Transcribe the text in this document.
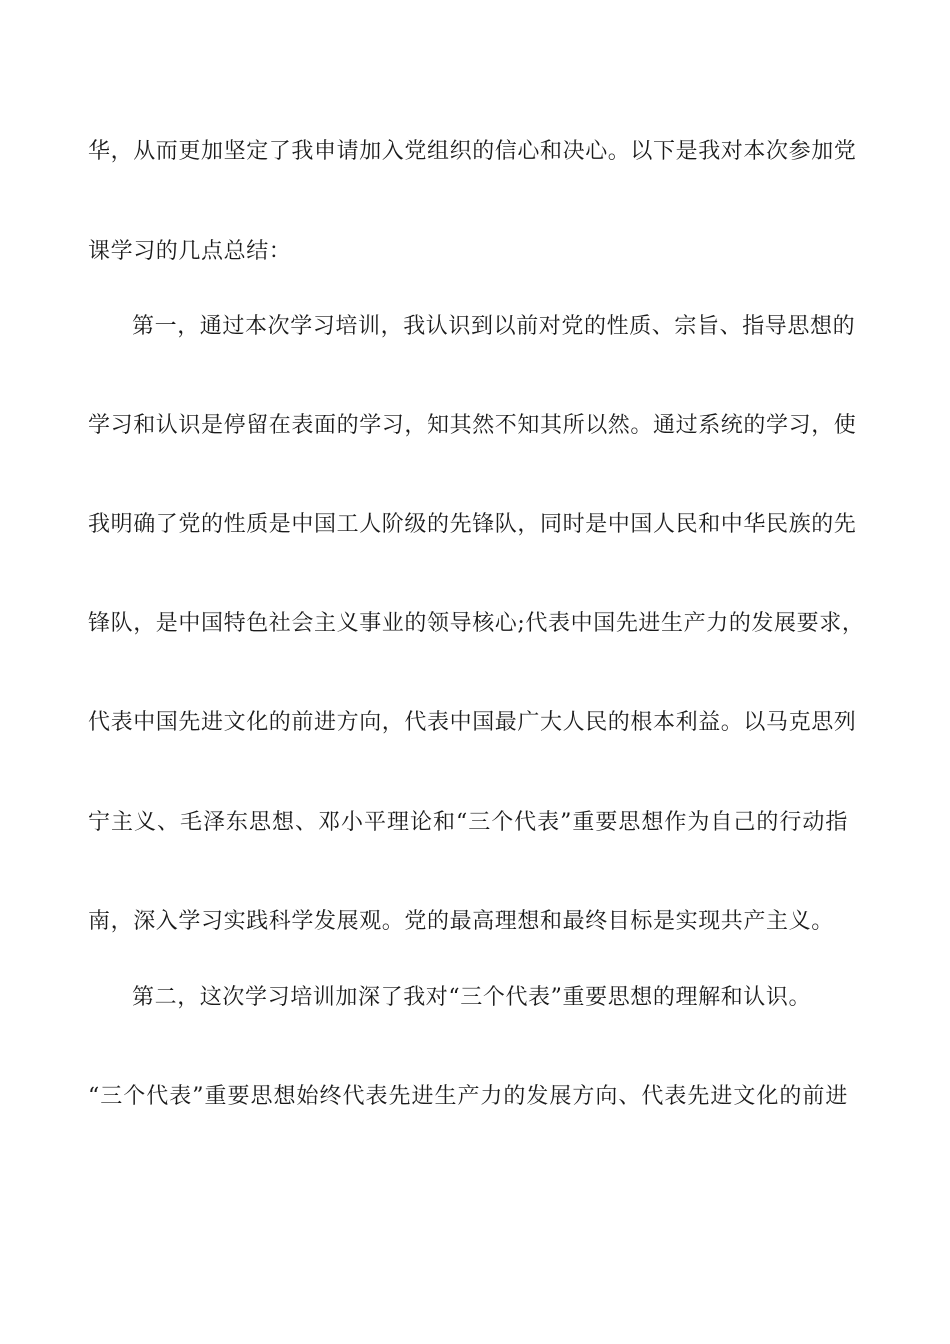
华，从而更加坚定了我申请加入党组织的信心和决心。以下是我对本次参加党
课学习的几点总结：
第一，通过本次学习培训，我认识到以前对党的性质、宗旨、指导思想的
学习和认识是停留在表面的学习，知其然不知其所以然。通过系统的学习，使
我明确了党的性质是中国工人阶级的先锋队，同时是中国人民和中华民族的先
锋队，是中国特色社会主义事业的领导核心;代表中国先进生产力的发展要求，
代表中国先进文化的前进方向，代表中国最广大人民的根本利益。以马克思列
宁主义、毛泽东思想、邓小平理论和“三个代表”重要思想作为自己的行动指
南，深入学习实践科学发展观。党的最高理想和最终目标是实现共产主义。
第二，这次学习培训加深了我对“三个代表”重要思想的理解和认识。
“三个代表”重要思想始终代表先进生产力的发展方向、代表先进文化的前进
